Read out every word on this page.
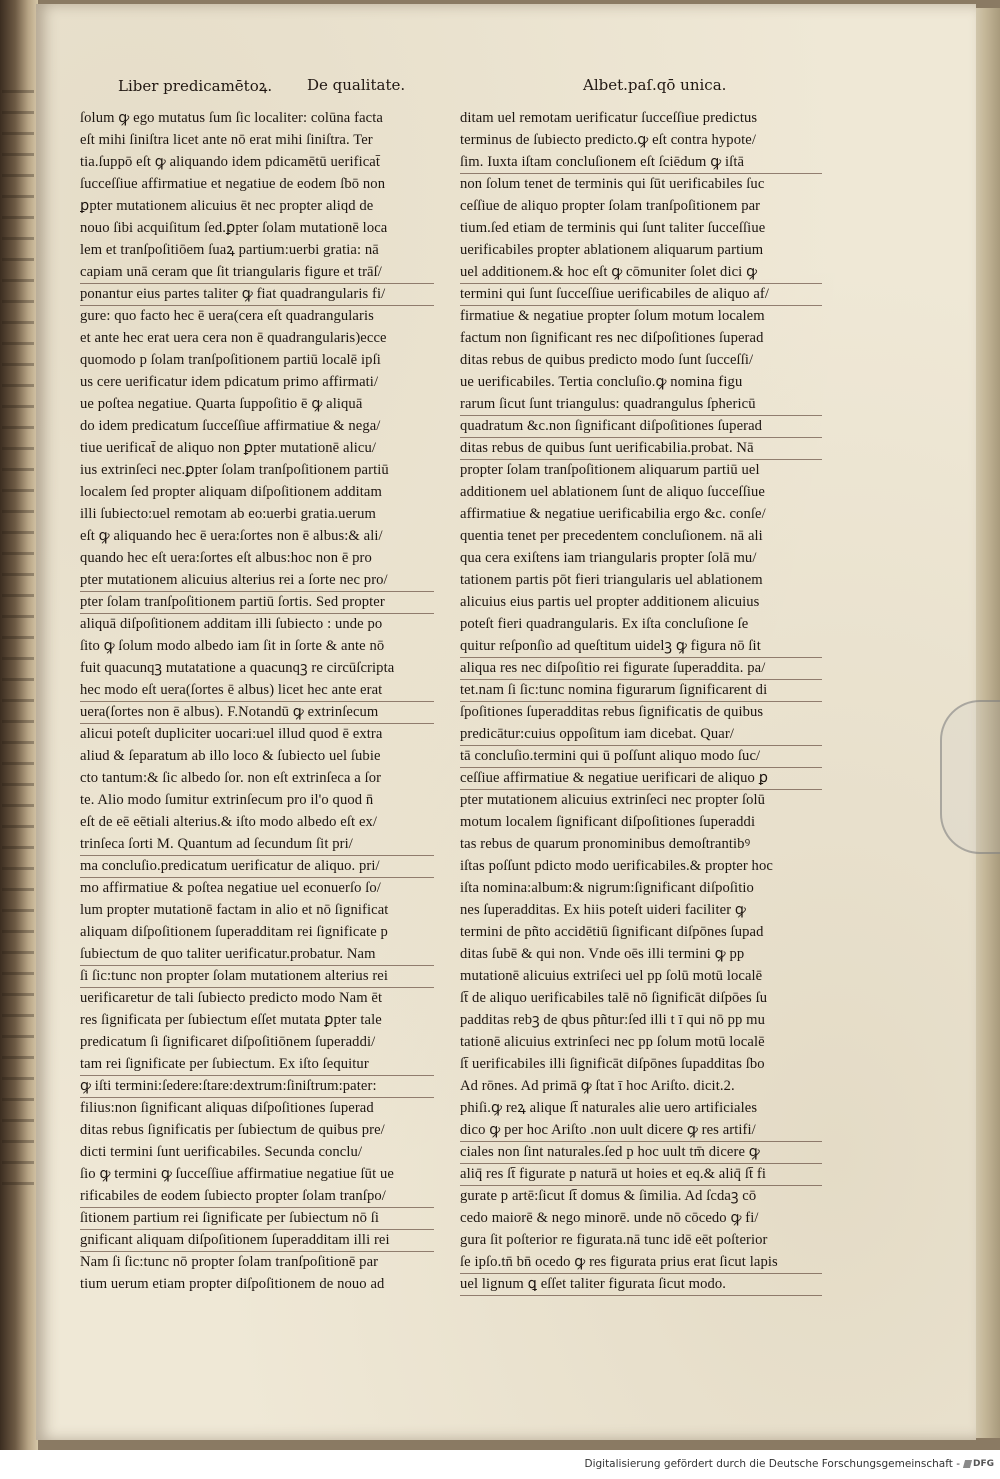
Liber predicamētoꝝ. De qualitate.	Albet.paſ.qō unica.
ſolum ꝙ ego mutatus ſum ſic localiter: colūna facta
eſt mihi ſiniſtra licet ante nō erat mihi ſiniſtra. Ter
tia.ſuppō eſt ꝙ aliquando idem pdicamētū uerificat̄
ſucceſſiue affirmatiue et negatiue de eodem ſbō non
ꝑpter mutationem alicuius ēt nec propter aliqd de
nouo ſibi acquiſitum ſed.ꝑpter ſolam mutationē loca
lem et tranſpoſitiōem ſuaꝝ partium:uerbi gratia: nā
capiam unā ceram que ſit triangularis figure et trāſ/
ponantur eius partes taliter ꝙ fiat quadrangularis fi/
gure: quo facto hec ē uera(cera eſt quadrangularis
et ante hec erat uera cera non ē quadrangularis)ecce
quomodo p ſolam tranſpoſitionem partiū localē ipſi
us cere uerificatur idem pdicatum primo affirmati/
ue poſtea negatiue. Quarta ſuppoſitio ē ꝙ aliquā
do idem predicatum ſucceſſiue affirmatiue & nega/
tiue uerificat̄ de aliquo non ꝑpter mutationē alicu/
ius extrinſeci nec.ꝑpter ſolam tranſpoſitionem partiū
localem ſed propter aliquam diſpoſitionem additam
illi ſubiecto:uel remotam ab eo:uerbi gratia.uerum
eſt ꝙ aliquando hec ē uera:ſortes non ē albus:& ali/
quando hec eſt uera:ſortes eſt albus:hoc non ē pro
pter mutationem alicuius alterius rei a ſorte nec pro/
pter ſolam tranſpoſitionem partiū ſortis. Sed propter
aliquā diſpoſitionem additam illi ſubiecto : unde po
ſito ꝙ ſolum modo albedo iam ſit in ſorte & ante nō
fuit quacunqꝫ mutatatione a quacunqꝫ re circūſcripta
hec modo eſt uera(ſortes ē albus) licet hec ante erat
uera(ſortes non ē albus). F.Notandū ꝙ extrinſecum
alicui poteſt dupliciter uocari:uel illud quod ē extra
aliud & ſeparatum ab illo loco & ſubiecto uel ſubie
cto tantum:& ſic albedo ſor. non eſt extrinſeca a ſor
te. Alio modo ſumitur extrinſecum pro il'o quod n̄
eſt de eē eētiali alterius.& iſto modo albedo eſt ex/
trinſeca ſorti M. Quantum ad ſecundum ſit pri/
ma concluſio.predicatum uerificatur de aliquo. pri/
mo affirmatiue & poſtea negatiue uel econuerſo ſo/
lum propter mutationē factam in alio et nō ſignificat
aliquam diſpoſitionem ſuperadditam rei ſignificate p
ſubiectum de quo taliter uerificatur.probatur. Nam
ſi ſic:tunc non propter ſolam mutationem alterius rei
uerificaretur de tali ſubiecto predicto modo Nam ēt
res ſignificata per ſubiectum eſſet mutata ꝑpter tale
predicatum ſi ſignificaret diſpoſitiōnem ſuperaddi/
tam rei ſignificate per ſubiectum. Ex iſto ſequitur
ꝙ iſti termini:ſedere:ſtare:dextrum:ſiniſtrum:pater:
filius:non ſignificant aliquas diſpoſitiones ſuperad
ditas rebus ſignificatis per ſubiectum de quibus pre/
dicti termini ſunt uerificabiles. Secunda conclu/
ſio ꝙ termini ꝙ ſucceſſiue affirmatiue negatiue ſūt ue
rificabiles de eodem ſubiecto propter ſolam tranſpo/
ſitionem partium rei ſignificate per ſubiectum nō ſi
gnificant aliquam diſpoſitionem ſuperadditam illi rei
Nam ſi ſic:tunc nō propter ſolam tranſpoſitionē par
tium uerum etiam propter diſpoſitionem de nouo ad
ditam uel remotam uerificatur ſucceſſiue predictus
terminus de ſubiecto predicto.ꝙ eſt contra hypote/
ſim. Iuxta iſtam concluſionem eſt ſciēdum ꝙ iſtā
non ſolum tenet de terminis qui ſūt uerificabiles ſuc
ceſſiue de aliquo propter ſolam tranſpoſitionem par
tium.ſed etiam de terminis qui ſunt taliter ſucceſſiue
uerificabiles propter ablationem aliquarum partium
uel additionem.& hoc eſt ꝙ cōmuniter ſolet dici ꝙ
termini qui ſunt ſucceſſiue uerificabiles de aliquo af/
firmatiue & negatiue propter ſolum motum localem
factum non ſignificant res nec diſpoſitiones ſuperad
ditas rebus de quibus predicto modo ſunt ſucceſſi/
ue uerificabiles. Tertia concluſio.ꝙ nomina figu
rarum ſicut ſunt triangulus: quadrangulus ſphericū
quadratum &c.non ſignificant diſpoſitiones ſuperad
ditas rebus de quibus ſunt uerificabilia.probat. Nā
propter ſolam tranſpoſitionem aliquarum partiū uel
additionem uel ablationem ſunt de aliquo ſucceſſiue
affirmatiue & negatiue uerificabilia ergo &c. conſe/
quentia tenet per precedentem concluſionem. nā ali
qua cera exiſtens iam triangularis propter ſolā mu/
tationem partis pōt fieri triangularis uel ablationem
alicuius eius partis uel propter additionem alicuius
poteſt fieri quadrangularis. Ex iſta concluſione ſe
quitur reſponſio ad queſtitum uidelꝫ ꝙ figura nō ſit
aliqua res nec diſpoſitio rei figurate ſuperaddita. pa/
tet.nam ſi ſic:tunc nomina figurarum ſignificarent di
ſpoſitiones ſuperadditas rebus ſignificatis de quibus
predicātur:cuius oppoſitum iam dicebat. Quar/
tā concluſio.termini qui ū poſſunt aliquo modo ſuc/
ceſſiue affirmatiue & negatiue uerificari de aliquo ꝑ
pter mutationem alicuius extrinſeci nec propter ſolū
motum localem ſignificant diſpoſitiones ſuperaddi
tas rebus de quarum pronominibus demoſtrantibꝰ
iſtas poſſunt pdicto modo uerificabiles.& propter hoc
iſta nomina:album:& nigrum:ſignificant diſpoſitio
nes ſuperadditas. Ex hiis poteſt uideri faciliter ꝙ
termini de pñto accidētiū ſignificant diſpōnes ſupad
ditas ſubē & qui non. Vnde oēs illi termini ꝙ pp
mutationē alicuius extriſeci uel pp ſolū motū localē
ſt̄ de aliquo uerificabiles talē nō ſignificāt diſpōes ſu
padditas rebꝫ de qbus pñtur:ſed illi t ī qui nō pp mu
tationē alicuius extrinſeci nec pp ſolum motū localē
ſt̄ uerificabiles illi ſignificāt diſpōnes ſupadditas ſbo
Ad rōnes. Ad primā ꝙ ſtat ī hoc Ariſto. dicit.2.
phiſi.ꝙ reꝝ alique ſt̄ naturales alie uero artificiales
dico ꝙ per hoc Ariſto .non uult dicere ꝙ res artifi/
ciales non ſint naturales.ſed p hoc uult tm̄ dicere ꝙ
aliq̄ res ſt̄ figurate p naturā ut hoies et eq.& aliq̄ ſt̄ fi
gurate p artē:ſicut ſt̄ domus & ſimilia. Ad ſcdaꝫ cō
cedo maiorē & nego minorē. unde nō cōcedo ꝙ fi/
gura ſit poſterior re figurata.nā tunc idē eēt poſterior
ſe ipſo.tn̄ bn̄ ocedo ꝙ res figurata prius erat ſicut lapis
uel lignum ꝗ eſſet taliter figurata ſicut modo.
Digitalisierung gefördert durch die Deutsche Forschungsgemeinschaft - DFG
